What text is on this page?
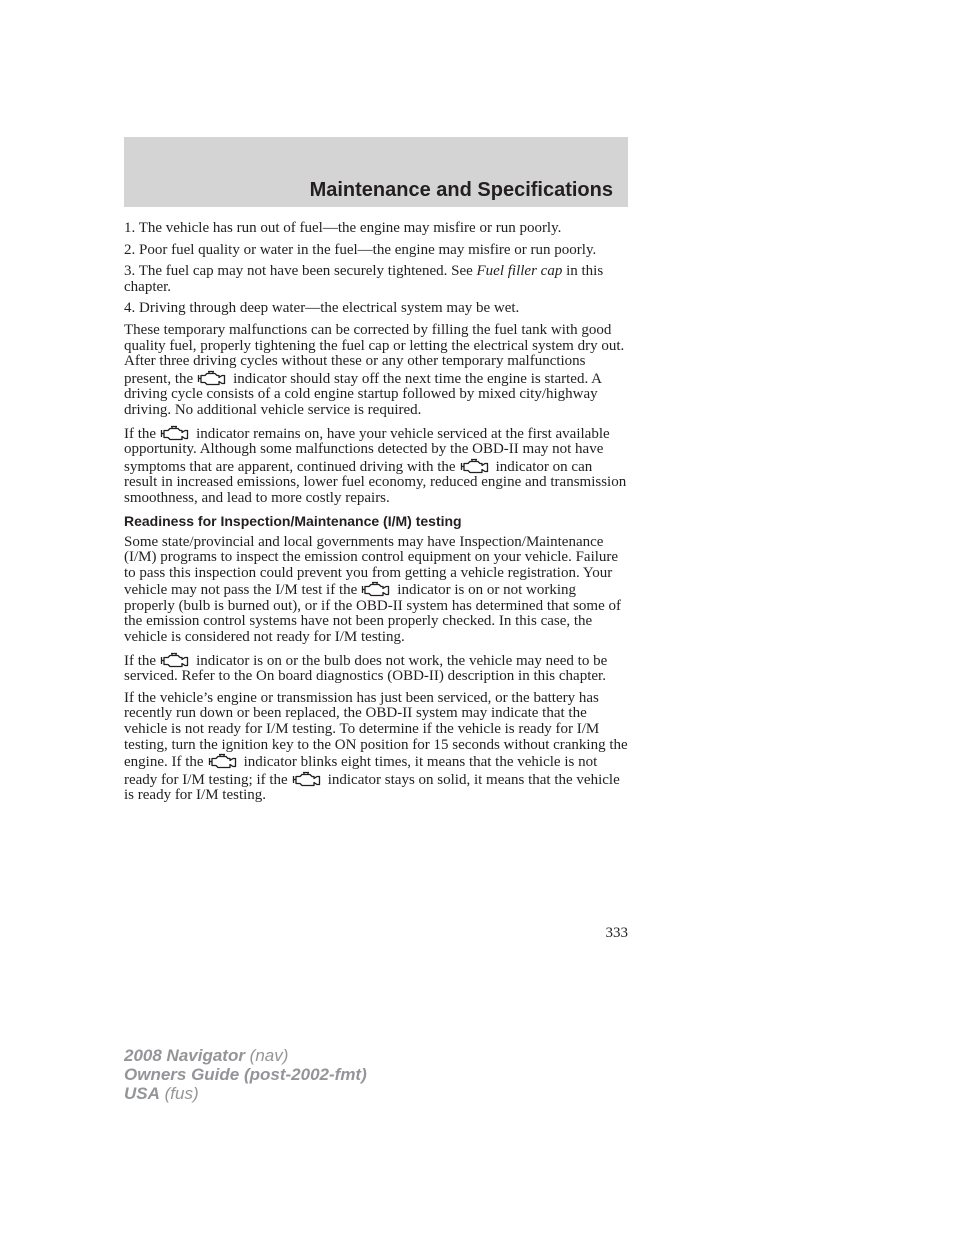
Maintenance and Specifications

1. The vehicle has run out of fuel—the engine may misfire or run poorly.

2. Poor fuel quality or water in the fuel—the engine may misfire or run poorly.

3. The fuel cap may not have been securely tightened. See Fuel filler cap in this chapter.

4. Driving through deep water—the electrical system may be wet.

These temporary malfunctions can be corrected by filling the fuel tank with good quality fuel, properly tightening the fuel cap or letting the electrical system dry out. After three driving cycles without these or any other temporary malfunctions present, the	indicator should stay off the next time the engine is started. A driving cycle consists of a cold engine startup followed by mixed city/highway driving. No additional vehicle service is required.

If the	indicator remains on, have your vehicle serviced at the first available opportunity. Although some malfunctions detected by the OBD-II may not have symptoms that are apparent, continued driving with the	indicator on can result in increased emissions, lower fuel economy, reduced engine and transmission smoothness, and lead to more costly repairs.

Readiness for Inspection/Maintenance (I/M) testing

Some state/provincial and local governments may have Inspection/Maintenance (I/M) programs to inspect the emission control equipment on your vehicle. Failure to pass this inspection could prevent you from getting a vehicle registration. Your vehicle may not pass the I/M test if the	indicator is on or not working properly (bulb is burned out), or if the OBD-II system has determined that some of the emission control systems have not been properly checked. In this case, the vehicle is considered not ready for I/M testing.

If the	indicator is on or the bulb does not work, the vehicle may need to be serviced. Refer to the On board diagnostics (OBD-II) description in this chapter.

If the vehicle’s engine or transmission has just been serviced, or the battery has recently run down or been replaced, the OBD-II system may indicate that the vehicle is not ready for I/M testing. To determine if the vehicle is ready for I/M testing, turn the ignition key to the ON position for 15 seconds without cranking the engine. If the	indicator blinks eight times, it means that the vehicle is not ready for I/M testing; if the	indicator stays on solid, it means that the vehicle is ready for I/M testing.

333
2008 Navigator (nav)
Owners Guide (post-2002-fmt)
USA (fus)
